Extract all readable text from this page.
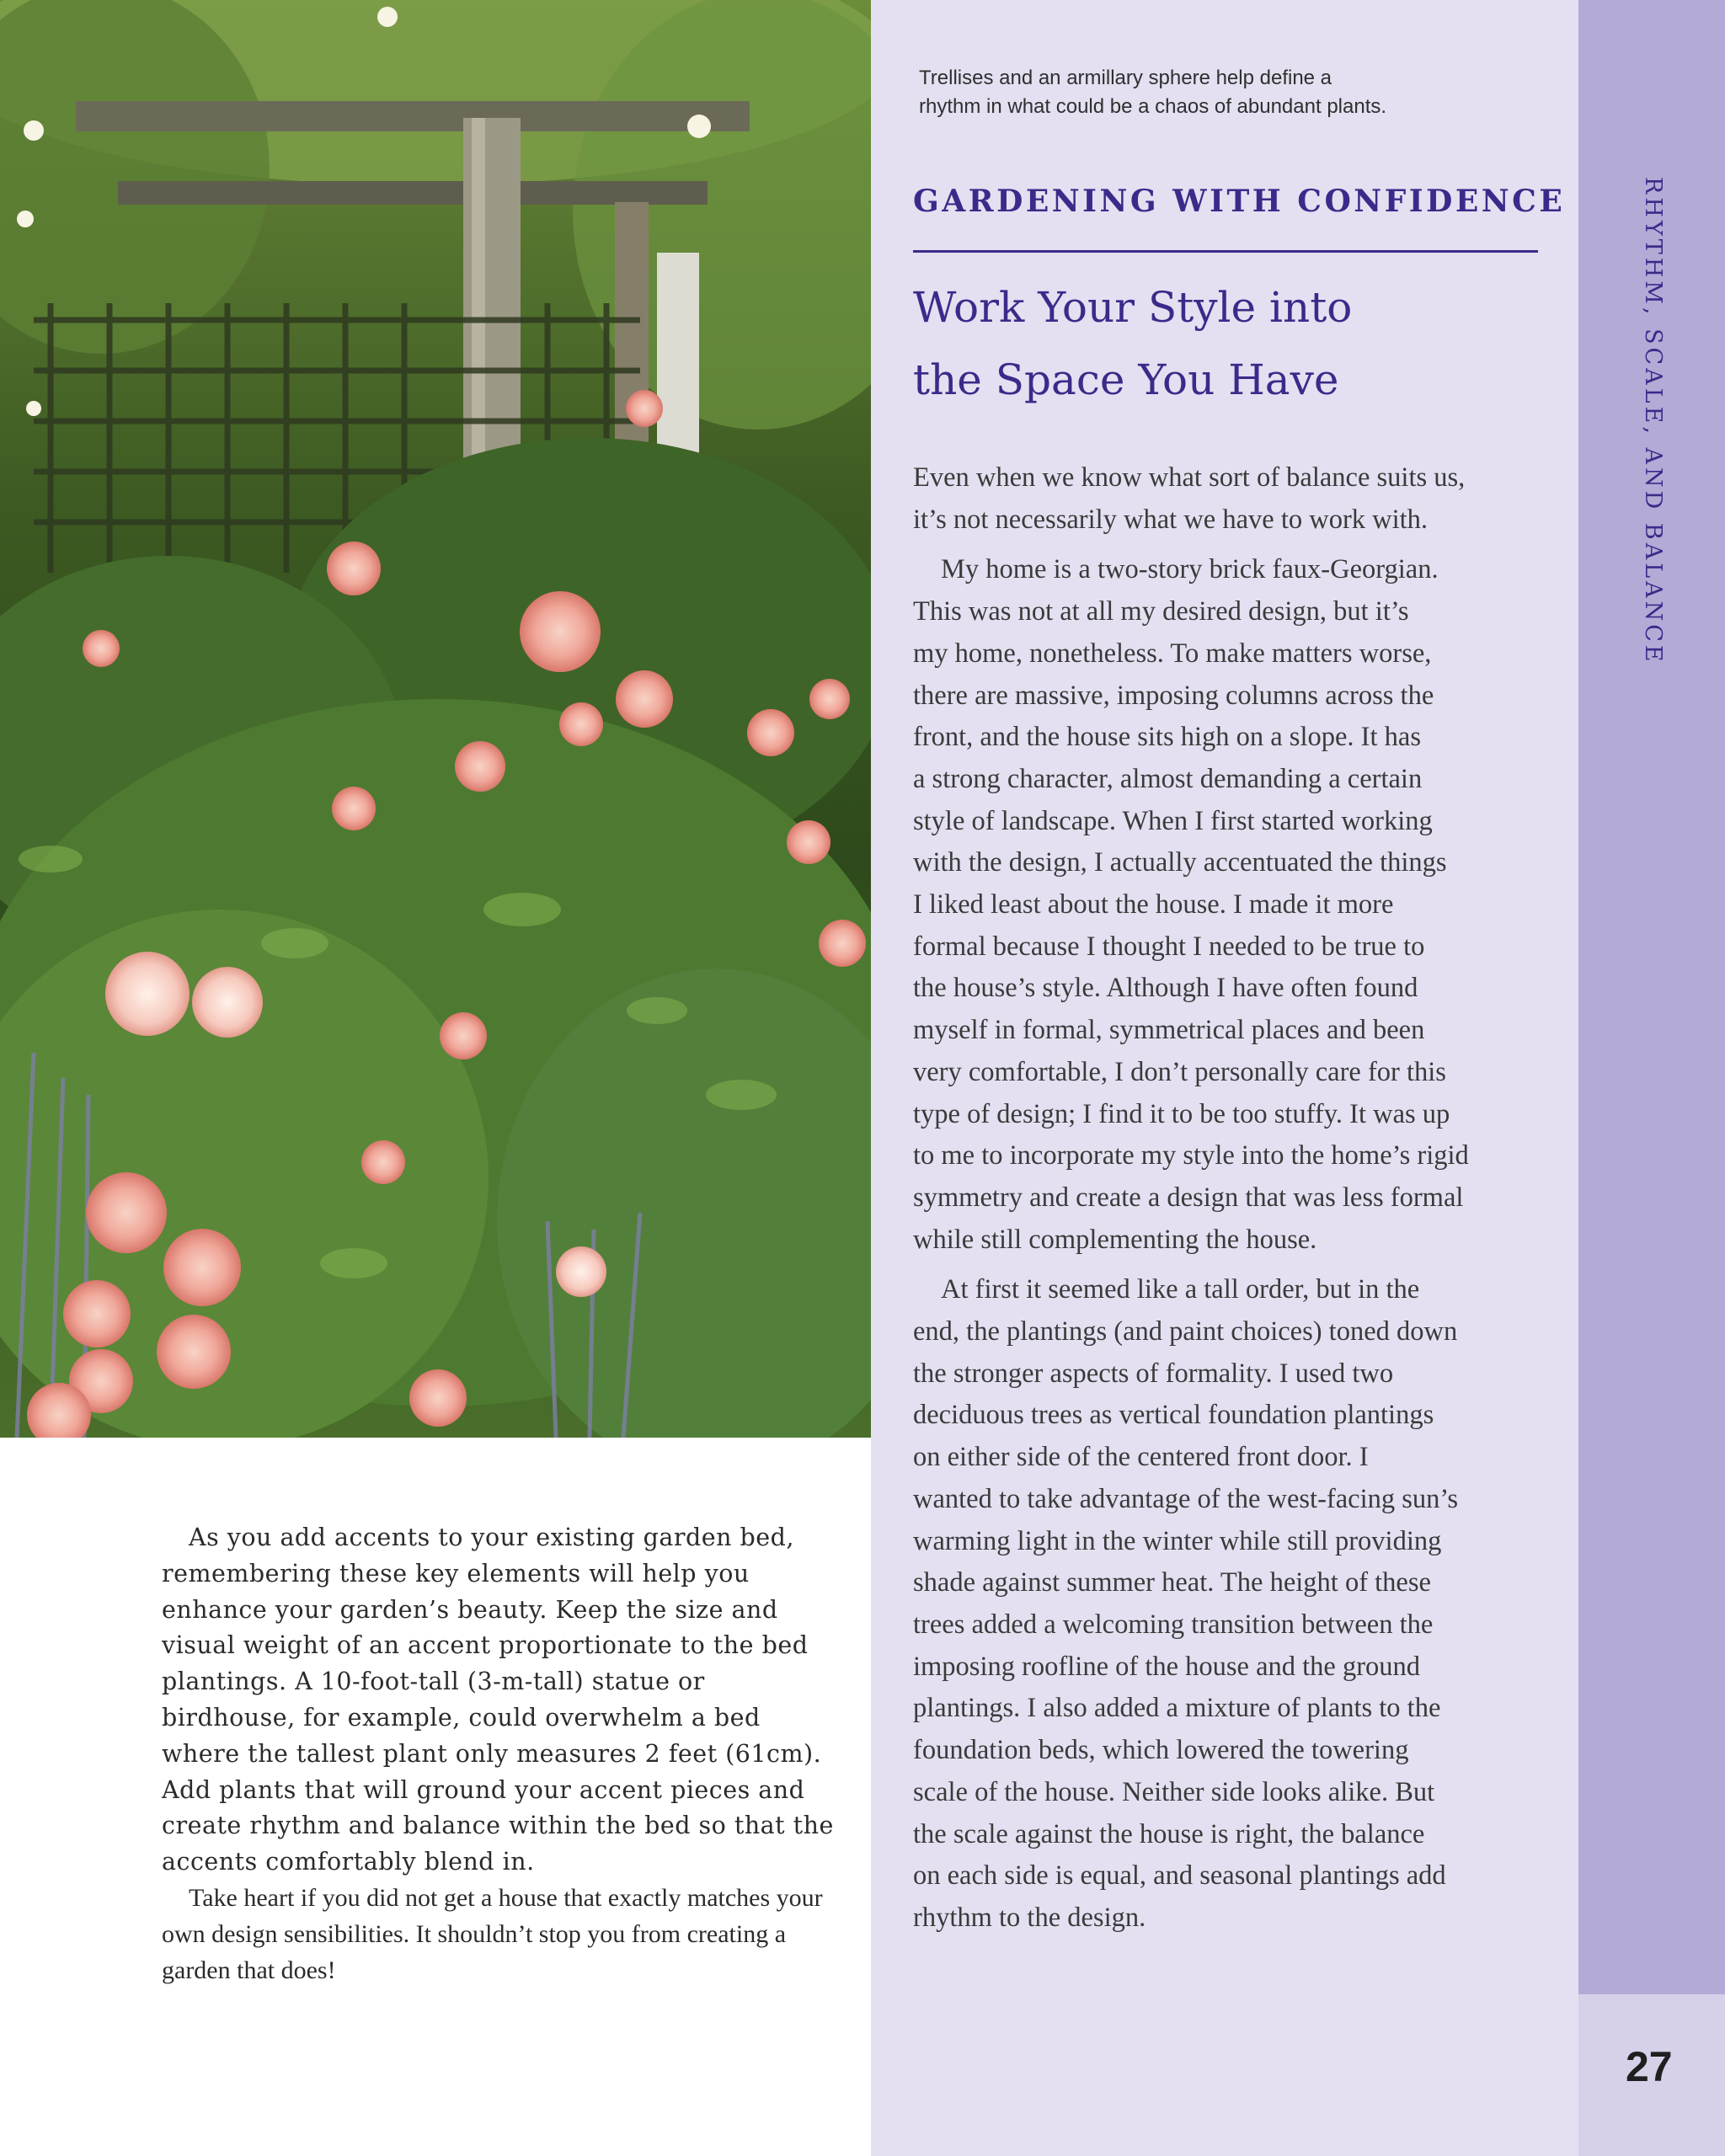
As you add accents to your existing garden bed, remembering these key elements will help you enhance your garden’s beauty. Keep the size and visual weight of an accent proportionate to the bed plantings. A 10-foot-tall (3-m-tall) statue or birdhouse, for example, could overwhelm a bed where the tallest plant only measures 2 feet (61cm). Add plants that will ground your accent pieces and create rhythm and balance within the bed so that the accents comfortably blend in.

Take heart if you did not get a house that exactly matches your own design sensibilities. It shouldn’t stop you from creating a garden that does!

Trellises and an armillary sphere help define a
rhythm in what could be a chaos of abundant plants.
GARDENING WITH CONFIDENCE
Work Your Style into
the Space You Have
Even when we know what sort of balance suits us,
it’s not necessarily what we have to work with.
My home is a two-story brick faux-Georgian.
This was not at all my desired design, but it’s
my home, nonetheless. To make matters worse,
there are massive, imposing columns across the
front, and the house sits high on a slope. It has
a strong character, almost demanding a certain
style of landscape. When I first started working
with the design, I actually accentuated the things
I liked least about the house. I made it more
formal because I thought I needed to be true to
the house’s style. Although I have often found
myself in formal, symmetrical places and been
very comfortable, I don’t personally care for this
type of design; I find it to be too stuffy. It was up
to me to incorporate my style into the home’s rigid
symmetry and create a design that was less formal
while still complementing the house.
At first it seemed like a tall order, but in the
end, the plantings (and paint choices) toned down
the stronger aspects of formality. I used two
deciduous trees as vertical foundation plantings
on either side of the centered front door. I
wanted to take advantage of the west-facing sun’s
warming light in the winter while still providing
shade against summer heat. The height of these
trees added a welcoming transition between the
imposing roofline of the house and the ground
plantings. I also added a mixture of plants to the
foundation beds, which lowered the towering
scale of the house. Neither side looks alike. But
the scale against the house is right, the balance
on each side is equal, and seasonal plantings add
rhythm to the design.
RHYTHM, SCALE, AND BALANCE
27
